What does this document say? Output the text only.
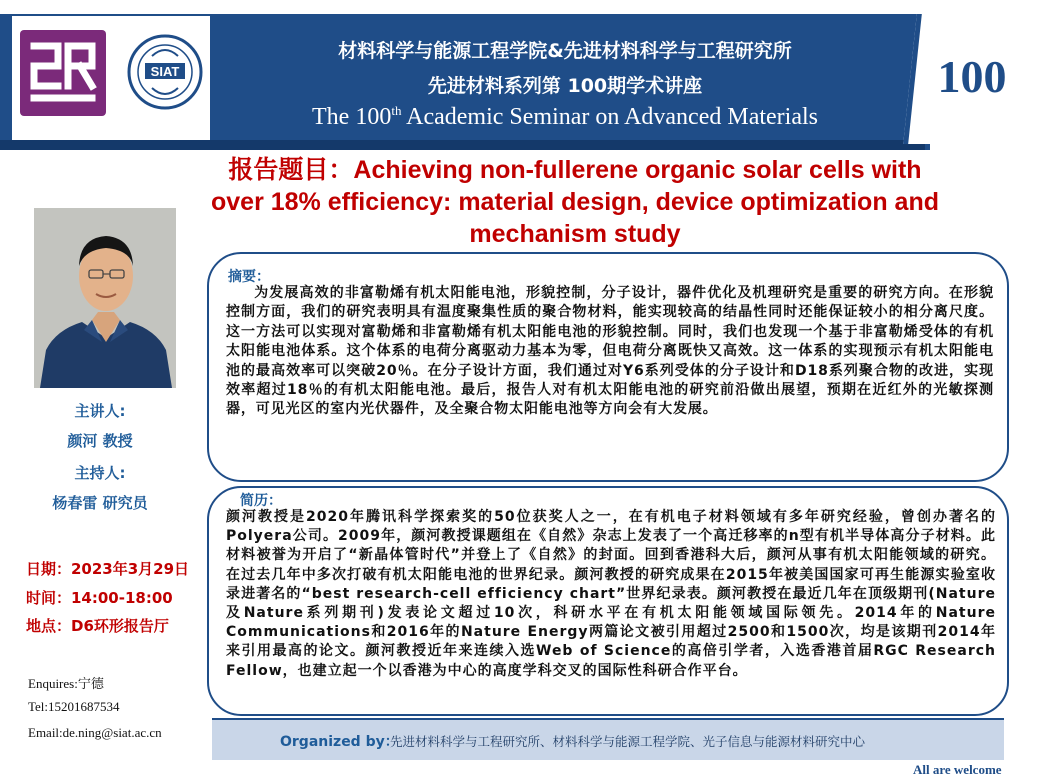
SIAT
材料科学与能源工程学院&先进材料科学与工程研究所
先进材料系列第 100期学术讲座
The 100th Academic Seminar on Advanced Materials
100
报告题目：Achieving non-fullerene organic solar cells with over 18% efficiency: material design, device optimization and mechanism study
主讲人:
颜河 教授
主持人:
杨春雷 研究员
日期：2023年3月29日
时间：14:00-18:00
地点：D6环形报告厅
Enquires:宁德
Tel:15201687534
Email:de.ning@siat.ac.cn
摘要：
为发展高效的非富勒烯有机太阳能电池，形貌控制，分子设计，器件优化及机理研究是重要的研究方向。在形貌控制方面，我们的研究表明具有温度聚集性质的聚合物材料，能实现较高的结晶性同时还能保证较小的相分离尺度。这一方法可以实现对富勒烯和非富勒烯有机太阳能电池的形貌控制。同时，我们也发现一个基于非富勒烯受体的有机太阳能电池体系。这个体系的电荷分离驱动力基本为零，但电荷分离既快又高效。这一体系的实现预示有机太阳能电池的最高效率可以突破20％。在分子设计方面，我们通过对Y6系列受体的分子设计和D18系列聚合物的改进，实现效率超过18％的有机太阳能电池。最后，报告人对有机太阳能电池的研究前沿做出展望，预期在近红外的光敏探测器，可见光区的室内光伏器件，及全聚合物太阳能电池等方向会有大发展。
简历：
颜河教授是2020年腾讯科学探索奖的50位获奖人之一，在有机电子材料领域有多年研究经验，曾创办著名的Polyera公司。2009年，颜河教授课题组在《自然》杂志上发表了一个高迁移率的n型有机半导体高分子材料。此材料被誉为开启了“新晶体管时代”并登上了《自然》的封面。回到香港科大后，颜河从事有机太阳能领域的研究。在过去几年中多次打破有机太阳能电池的世界纪录。颜河教授的研究成果在2015年被美国国家可再生能源实验室收录进著名的“best research-cell efficiency chart”世界纪录表。颜河教授在最近几年在顶级期刊(Nature及Nature系列期刊)发表论文超过10次，科研水平在有机太阳能领域国际领先。2014年的Nature Communications和2016年的Nature Energy两篇论文被引用超过2500和1500次，均是该期刊2014年来引用最高的论文。颜河教授近年来连续入选Web of Science的高倍引学者，入选香港首届RGC Research Fellow，也建立起一个以香港为中心的高度学科交叉的国际性科研合作平台。
Organized by：
先进材料科学与工程研究所、材料科学与能源工程学院、光子信息与能源材料研究中心
All are welcome
